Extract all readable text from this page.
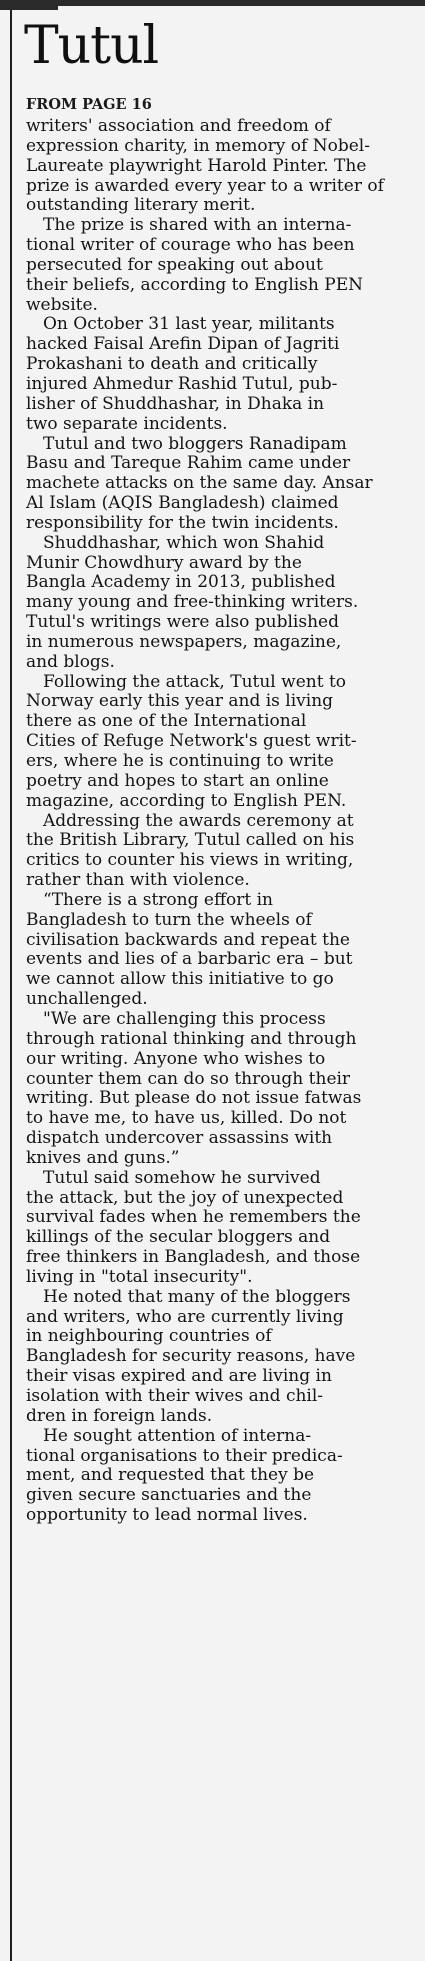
Tutul

FROM PAGE 16

writers' association and freedom of
expression charity, in memory of Nobel-
Laureate playwright Harold Pinter. The
prize is awarded every year to a writer of
outstanding literary merit.

The prize is shared with an interna-
tional writer of courage who has been
persecuted for speaking out about
their beliefs, according to English PEN
website.

On October 31 last year, militants
hacked Faisal Arefin Dipan of Jagriti
Prokashani to death and critically
injured Ahmedur Rashid Tutul, pub-
lisher of Shuddhashar, in Dhaka in
two separate incidents.

Tutul and two bloggers Ranadipam
Basu and Tareque Rahim came under
machete attacks on the same day. Ansar
Al Islam (AQIS Bangladesh) claimed
responsibility for the twin incidents.

Shuddhashar, which won Shahid
Munir Chowdhury award by the
Bangla Academy in 2013, published
many young and free-thinking writers.
Tutul's writings were also published
in numerous newspapers, magazine,
and blogs.

Following the attack, Tutul went to
Norway early this year and is living
there as one of the International
Cities of Refuge Network's guest writ-
ers, where he is continuing to write
poetry and hopes to start an online
magazine, according to English PEN.

Addressing the awards ceremony at
the British Library, Tutul called on his
critics to counter his views in writing,
rather than with violence.

“There is a strong effort in
Bangladesh to turn the wheels of
civilisation backwards and repeat the
events and lies of a barbaric era – but
we cannot allow this initiative to go
unchallenged.

"We are challenging this process
through rational thinking and through
our writing. Anyone who wishes to
counter them can do so through their
writing. But please do not issue fatwas
to have me, to have us, killed. Do not
dispatch undercover assassins with
knives and guns.”

Tutul said somehow he survived
the attack, but the joy of unexpected
survival fades when he remembers the
killings of the secular bloggers and
free thinkers in Bangladesh, and those
living in "total insecurity".

He noted that many of the bloggers
and writers, who are currently living
in neighbouring countries of
Bangladesh for security reasons, have
their visas expired and are living in
isolation with their wives and chil-
dren in foreign lands.

He sought attention of interna-
tional organisations to their predica-
ment, and requested that they be
given secure sanctuaries and the
opportunity to lead normal lives.
